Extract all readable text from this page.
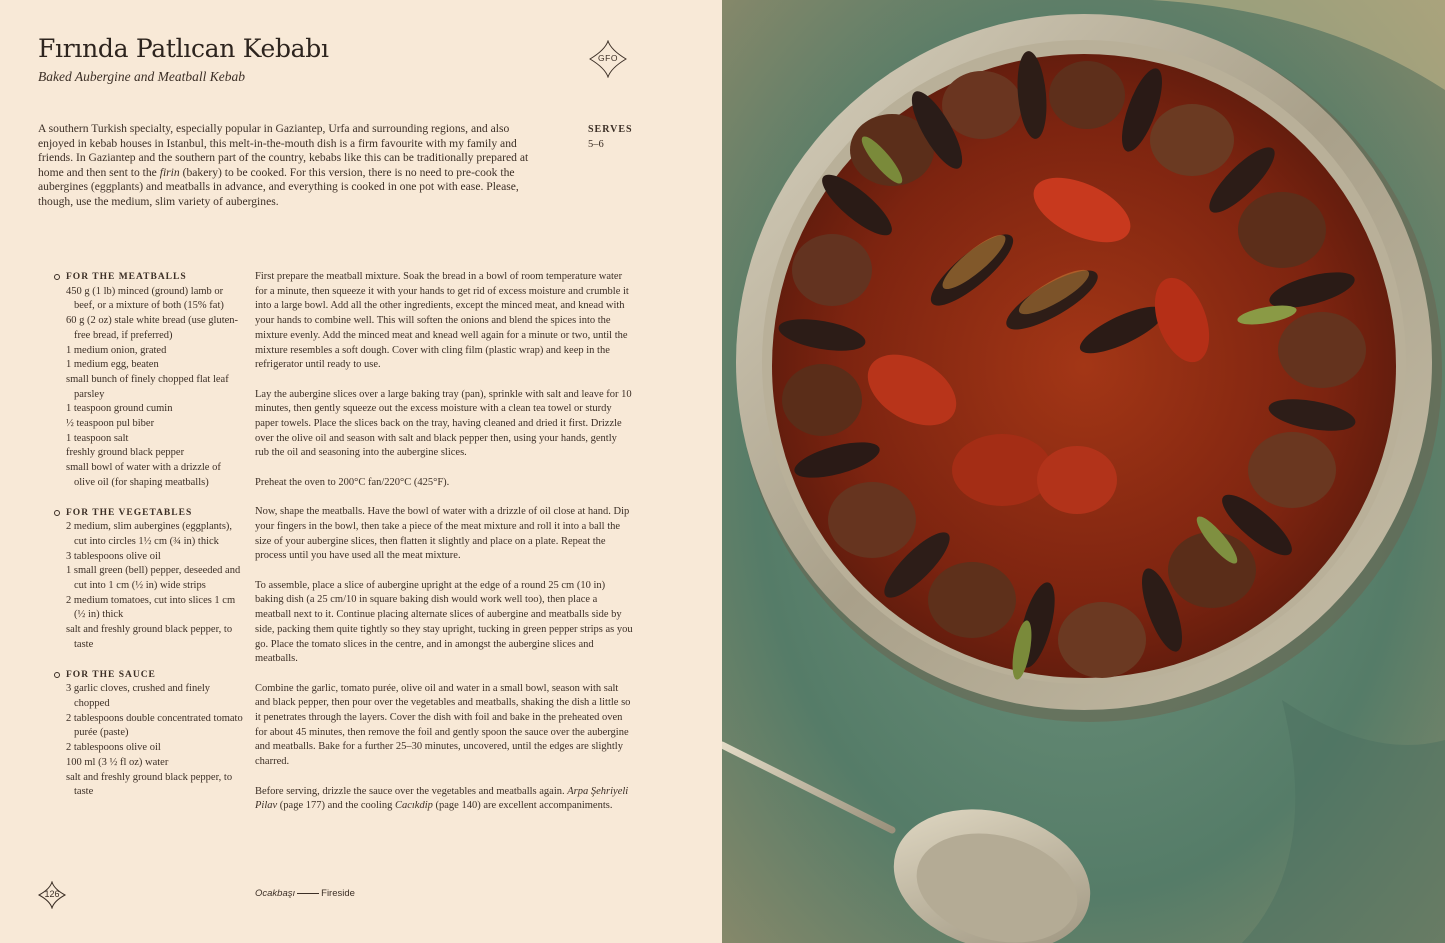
Fırında Patlıcan Kebabı
Baked Aubergine and Meatball Kebab
GFO

A southern Turkish specialty, especially popular in Gaziantep, Urfa and surrounding regions, and also enjoyed in kebab houses in Istanbul, this melt-in-the-mouth dish is a firm favourite with my family and friends. In Gaziantep and the southern part of the country, kebabs like this can be traditionally prepared at home and then sent to the firin (bakery) to be cooked. For this version, there is no need to pre-cook the aubergines (eggplants) and meatballs in advance, and everything is cooked in one pot with ease. Please, though, use the medium, slim variety of aubergines.

SERVES
5–6
FOR THE MEATBALLS
450 g (1 lb) minced (ground) lamb or beef, or a mixture of both (15% fat)
60 g (2 oz) stale white bread (use gluten-free bread, if preferred)
1 medium onion, grated
1 medium egg, beaten
small bunch of finely chopped flat leaf parsley
1 teaspoon ground cumin
½ teaspoon pul biber
1 teaspoon salt
freshly ground black pepper
small bowl of water with a drizzle of olive oil (for shaping meatballs)
FOR THE VEGETABLES
2 medium, slim aubergines (eggplants), cut into circles 1½ cm (¾ in) thick
3 tablespoons olive oil
1 small green (bell) pepper, deseeded and cut into 1 cm (½ in) wide strips
2 medium tomatoes, cut into slices 1 cm (½ in) thick
salt and freshly ground black pepper, to taste
FOR THE SAUCE
3 garlic cloves, crushed and finely chopped
2 tablespoons double concentrated tomato purée (paste)
2 tablespoons olive oil
100 ml (3 ½ fl oz) water
salt and freshly ground black pepper, to taste

First prepare the meatball mixture. Soak the bread in a bowl of room temperature water for a minute, then squeeze it with your hands to get rid of excess moisture and crumble it into a large bowl. Add all the other ingredients, except the minced meat, and knead with your hands to combine well. This will soften the onions and blend the spices into the mixture evenly. Add the minced meat and knead well again for a minute or two, until the mixture resembles a soft dough. Cover with cling film (plastic wrap) and keep in the refrigerator until ready to use.

Lay the aubergine slices over a large baking tray (pan), sprinkle with salt and leave for 10 minutes, then gently squeeze out the excess moisture with a clean tea towel or sturdy paper towels. Place the slices back on the tray, having cleaned and dried it first. Drizzle over the olive oil and season with salt and black pepper then, using your hands, gently rub the oil and seasoning into the aubergine slices.

Preheat the oven to 200°C fan/220°C (425°F).

Now, shape the meatballs. Have the bowl of water with a drizzle of oil close at hand. Dip your fingers in the bowl, then take a piece of the meat mixture and roll it into a ball the size of your aubergine slices, then flatten it slightly and place on a plate. Repeat the process until you have used all the meat mixture.

To assemble, place a slice of aubergine upright at the edge of a round 25 cm (10 in) baking dish (a 25 cm/10 in square baking dish would work well too), then place a meatball next to it. Continue placing alternate slices of aubergine and meatballs side by side, packing them quite tightly so they stay upright, tucking in green pepper strips as you go. Place the tomato slices in the centre, and in amongst the aubergine slices and meatballs.

Combine the garlic, tomato purée, olive oil and water in a small bowl, season with salt and black pepper, then pour over the vegetables and meatballs, shaking the dish a little so it penetrates through the layers. Cover the dish with foil and bake in the preheated oven for about 45 minutes, then remove the foil and gently spoon the sauce over the aubergine and meatballs. Bake for a further 25–30 minutes, uncovered, until the edges are slightly charred.

Before serving, drizzle the sauce over the vegetables and meatballs again. Arpa Şehriyeli Pilav (page 177) and the cooling Cacıkdip (page 140) are excellent accompaniments.

126	Ocakbaşı	Fireside
